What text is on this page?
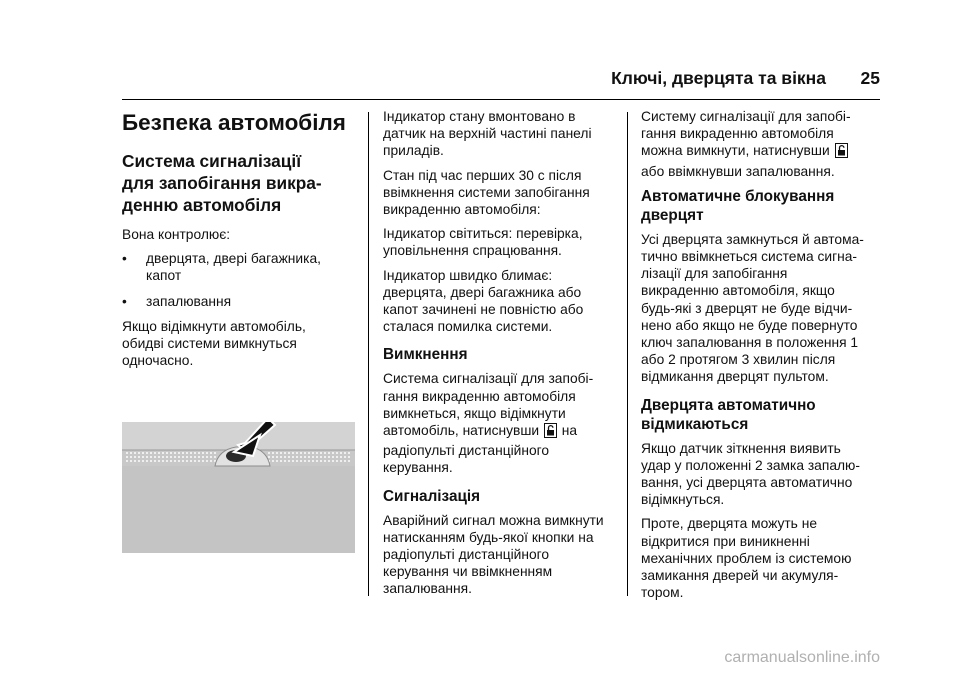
Ключі, дверцята та вікна 25
Безпека автомобіля
Система сигналізації
для запобігання викра-
денню автомобіля

Вона контролює:

• дверцята, двері багажника,
капот
• запалювання

Якщо відімкнути автомобіль,
обидві системи вимкнуться
одночасно.

Індикатор стану вмонтовано в
датчик на верхній частині панелі
приладів.

Стан під час перших 30 с після
ввімкнення системи запобігання
викраденню автомобіля:

Індикатор світиться: перевірка,
уповільнення спрацювання.

Індикатор швидко блимає:
дверцята, двері багажника або
капот зачинені не повністю або
сталася помилка системи.

Вимкнення

Система сигналізації для запобі-
гання викраденню автомобіля
вимкнеться, якщо відімкнути
автомобіль, натиснувши  на
радіопульті дистанційного
керування.

Сигналізація

Аварійний сигнал можна вимкнути
натисканням будь-якої кнопки на
радіопульті дистанційного
керування чи ввімкненням
запалювання.

Систему сигналізації для запобі-
гання викраденню автомобіля
можна вимкнути, натиснувши
або ввімкнувши запалювання.

Автоматичне блокування
дверцят

Усі дверцята замкнуться й автома-
тично ввімкнеться система сигна-
лізації для запобігання
викраденню автомобіля, якщо
будь-які з дверцят не буде відчи-
нено або якщо не буде повернуто
ключ запалювання в положення 1
або 2 протягом 3 хвилин після
відмикання дверцят пультом.

Дверцята автоматично
відмикаються

Якщо датчик зіткнення виявить
удар у положенні 2 замка запалю-
вання, усі дверцята автоматично
відімкнуться.

Проте, дверцята можуть не
відкритися при виникненні
механічних проблем із системою
замикання дверей чи акумуля-
тором.

carmanualsonline.info
